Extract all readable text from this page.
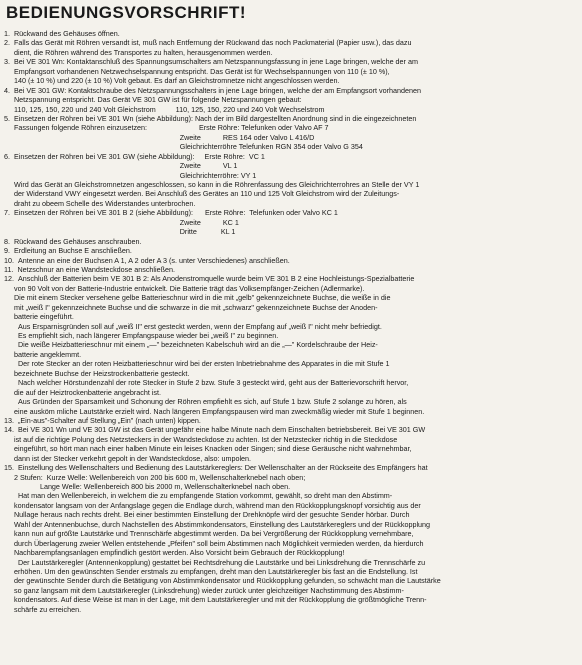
BEDIENUNGSVORSCHRIFT!
1.  Rückwand des Gehäuses öffnen.
2.  Falls das Gerät mit Röhren versandt ist, muß nach Entfernung der Rückwand das noch Packmaterial (Papier usw.), das dazu
dient, die Röhren während des Transportes zu halten, herausgenommen werden.
3.  Bei VE 301 Wn: Kontaktanschluß des Spannungsumschalters am Netzspannungsfassung in jene Lage bringen, welche der am
Empfangsort vorhandenen Netzwechselspannung entspricht. Das Gerät ist für Wechselspannungen von 110 (± 10 %),
140 (± 10 %) und 220 (± 10 %) Volt gebaut. Es darf an Gleichstromnetze nicht angeschlossen werden.
4.  Bei VE 301 GW: Kontaktschraube des Netzspannungsschalters in jene Lage bringen, welche der am Empfangsort vorhandenen
Netzspannung entspricht. Das Gerät VE 301 GW ist für folgende Netzspannungen gebaut:
110, 125, 150, 220 und 240 Volt Gleichstrom          110, 125, 150, 220 und 240 Volt Wechselstrom
5.  Einsetzen der Röhren bei VE 301 Wn (siehe Abbildung): Nach der im Bild dargestellten Anordnung sind in die eingezeichneten
Fassungen folgende Röhren einzusetzen:                          Erste Röhre: Telefunken oder Valvo AF 7
Zweite           RES 164 oder Valvo L 416/D
Gleichrichterröhre Telefunken RGN 354 oder Valvo G 354
6.  Einsetzen der Röhren bei VE 301 GW (siehe Abbildung):     Erste Röhre:  VC 1
Zweite           VL 1
Gleichrichterröhre: VY 1
Wird das Gerät an Gleichstromnetzen angeschlossen, so kann in die Röhrenfassung des Gleichrichterrohres an Stelle der VY 1
der Widerstand VWY eingesetzt werden. Bei Anschluß des Gerätes an 110 und 125 Volt Gleichstrom wird der Zuleitungs-
draht zu obeem Schelle des Widerstandes unterbrochen.
7.  Einsetzen der Röhren bei VE 301 B 2 (siehe Abbildung):      Erste Röhre:  Telefunken oder Valvo KC 1
Zweite           KC 1
Dritte            KL 1
8.  Rückwand des Gehäuses anschrauben.
9.  Erdleitung an Buchse E anschließen.
10.  Antenne an eine der Buchsen A 1, A 2 oder A 3 (s. unter Verschiedenes) anschließen.
11.  Netzschnur an eine Wandsteckdose anschließen.
12.  Anschluß der Batterien beim VE 301 B 2: Als Anodenstromquelle wurde beim VE 301 B 2 eine Hochleistungs-Spezialbatterie
von 90 Volt von der Batterie-Industrie entwickelt. Die Batterie trägt das Volksempfänger-Zeichen (Adlermarke).
Die mit einem Stecker versehene gelbe Batterieschnur wird in die mit „gelb" gekennzeichnete Buchse, die weiße in die
mit „weiß I" gekennzeichnete Buchse und die schwarze in die mit „schwarz" gekennzeichnete Buchse der Anoden-
batterie eingeführt.
Aus Ersparnisgründen soll auf „weiß II" erst gesteckt werden, wenn der Empfang auf „weiß I" nicht mehr befriedigt.
Es empfiehlt sich, nach längerer Empfangspause wieder bei „weiß I" zu beginnen.
Die weiße Heizbatterieschnur mit einem „—" bezeichneten Kabelschuh wird an die „—" Kordelschraube der Heiz-
batterie angeklemmt.
Der rote Stecker an der roten Heizbatterieschnur wird bei der ersten Inbetriebnahme des Apparates in die mit Stufe 1
bezeichnete Buchse der Heizstrockenbatterie gesteckt.
Nach welcher Hörstundenzahl der rote Stecker in Stufe 2 bzw. Stufe 3 gesteckt wird, geht aus der Batterievorschrift hervor,
die auf der Heiztrockenbatterie angebracht ist.
Aus Gründen der Sparsamkeit und Schonung der Röhren empfiehlt es sich, auf Stufe 1 bzw. Stufe 2 solange zu hören, als
eine ausköm mliche Lautstärke erzielt wird. Nach längeren Empfangspausen wird man zweckmäßig wieder mit Stufe 1 beginnen.
13.  „Ein-aus"-Schalter auf Stellung „Ein" (nach unten) kippen.
14.  Bei VE 301 Wn und VE 301 GW ist das Gerät ungefähr eine halbe Minute nach dem Einschalten betriebsbereit. Bei VE 301 GW
ist auf die richtige Polung des Netzsteckers in der Wandsteckdose zu achten. Ist der Netzstecker richtig in die Steckdose
eingeführt, so hört man nach einer halben Minute ein leises Knacken oder Singen; sind diese Geräusche nicht wahrnehmbar,
dann ist der Stecker verkehrt gepolt in der Wandsteckdose, also: umpolen.
15.  Einstellung des Wellenschalters und Bedienung des Lautstärkereglers: Der Wellenschalter an der Rückseite des Empfängers hat
2 Stufen:  Kurze Welle: Wellenbereich von 200 bis 600 m, Wellenschalterknebel nach oben;
Lange Welle: Wellenbereich 800 bis 2000 m, Wellenschalterknebel nach oben.
Hat man den Wellenbereich, in welchem die zu empfangende Station vorkommt, gewählt, so dreht man den Abstimm-
kondensator langsam von der Anfangslage gegen die Endlage durch, während man den Rückkopplungsknopf vorsichtig aus der
Nullage heraus nach rechts dreht. Bei einer bestimmten Einstellung der Drehknöpfe wird der gesuchte Sender hörbar. Durch
Wahl der Antennenbuchse, durch Nachstellen des Abstimmkondensators, Einstellung des Lautstärkereglers und der Rückkopplung
kann nun auf größte Lautstärke und Trennschärfe abgestimmt werden. Da bei Vergrößerung der Rückkopplung vernehmbare,
durch Überlagerung zweier Wellen entstehende „Pfeifen" soll beim Abstimmen nach Möglichkeit vermieden werden, da hierdurch
Nachbarempfangsanlagen empfindlich gestört werden. Also Vorsicht beim Gebrauch der Rückkopplung!
Der Lautstärkeregler (Antennenkopplung) gestattet bei Rechtsdrehung die Lautstärke und bei Linksdrehung die Trennschärfe zu
erhöhen. Um den gewünschten Sender erstmals zu empfangen, dreht man den Lautstärkeregler bis fast an die Endstellung. Ist
der gewünschte Sender durch die Betätigung von Abstimmkondensator und Rückkopplung gefunden, so schwächt man die Lautstärke
so ganz langsam mit dem Lautstärkeregler (Linksdrehung) wieder zurück unter gleichzeitiger Nachstimmung des Abstimm-
kondensators. Auf diese Weise ist man in der Lage, mit dem Lautstärkeregler und mit der Rückkopplung die größtmögliche Trenn-
schärfe zu erreichen.
